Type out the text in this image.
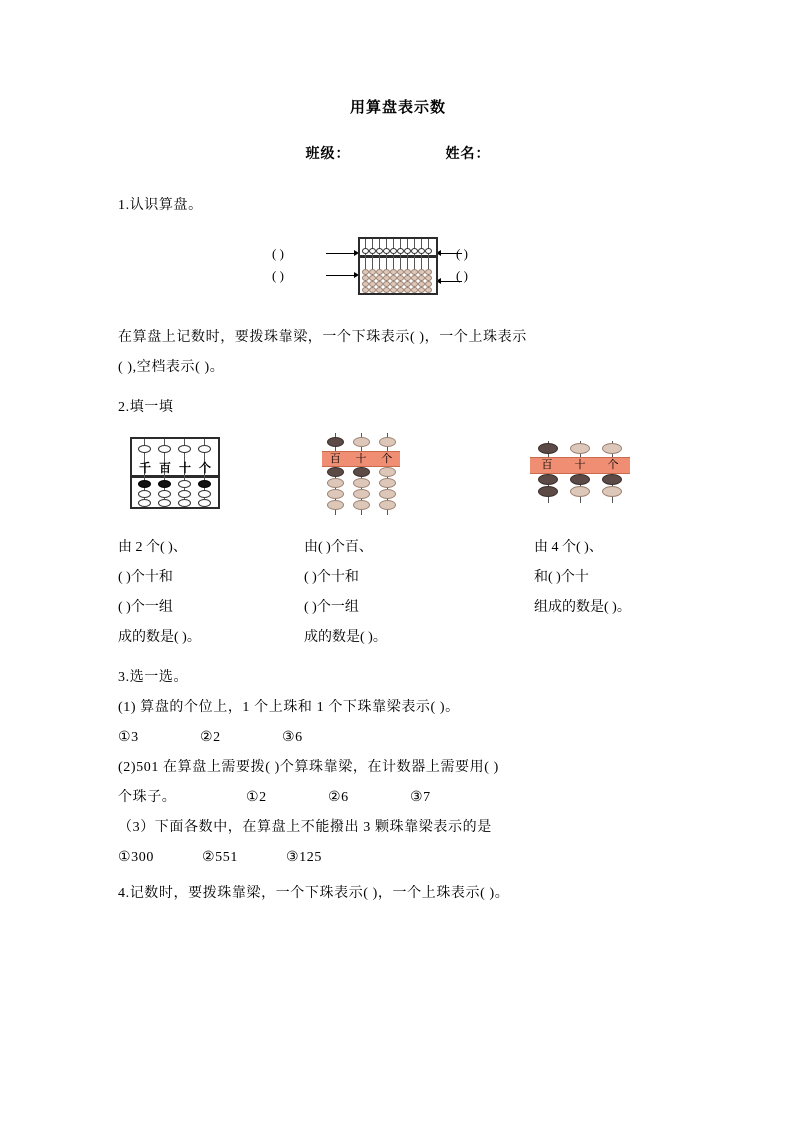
用算盘表示数
班级：	姓名：

1.认识算盘。

( )
( )
( )
( )

在算盘上记数时，要拨珠靠梁，一个下珠表示( )，一个上珠表示

( ),空档表示( )。

2.填一填

千 百 十 个
百 十 个	百 十 个
由 2 个( )、
( )个十和
( )个一组
成的数是( )。
由( )个百、
( )个十和
( )个一组
成的数是( )。
由 4 个( )、
和( )个十
组成的数是( )。

3.选一选。

(1) 算盘的个位上，1 个上珠和 1 个下珠靠梁表示( )。

①3	②2	③6

(2)501 在算盘上需要拨( )个算珠靠梁，在计数器上需要用( )

个珠子。	①2	②6	③7

（3）下面各数中，在算盘上不能撥出 3 颗珠靠梁表示的是

①300	②551	③125

4.记数时，要拨珠靠梁，一个下珠表示( )，一个上珠表示( )。
